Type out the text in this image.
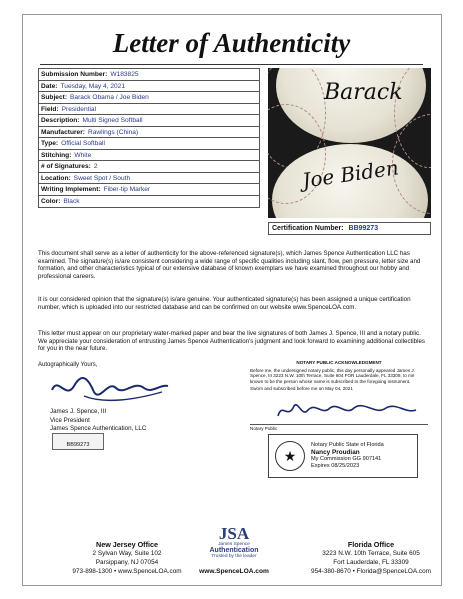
Letter of Authenticity
Submission Number: W183825
Date: Tuesday, May 4, 2021
Subject: Barack Obama / Joe Biden
Field: Presidential
Description: Multi Signed Softball
Manufacturer: Rawlings (China)
Type: Official Softball
Stitching: White
# of Signatures: 2
Location: Sweet Spot / South
Writing Implement: Fiber-tip Marker
Color: Black
Barack
Joe Biden
Certification Number: BB99273
This document shall serve as a letter of authenticity for the above-referenced signature(s), which James Spence Authentication LLC has examined. The signature(s) is/are consistent considering a wide range of specific qualities including slant, flow, pen pressure, letter size and formation, and other characteristics typical of our extensive database of known exemplars we have examined throughout our hobby and professional careers.
It is our considered opinion that the signature(s) is/are genuine. Your authenticated signature(s) has been assigned a unique certification number, which is uploaded into our restricted database and can be confirmed on our website www.SpenceLOA.com.
This letter must appear on our proprietary water-marked paper and bear the live signatures of both James J. Spence, III and a notary public. We appreciate your consideration of entrusting James Spence Authentication's judgment and look forward to examining additional collectibles for you in the near future.
Autographically Yours,
James J. Spence, III
Vice President
James Spence Authentication, LLC
BB99273
NOTARY PUBLIC ACKNOWLEDGMENT
Before me, the undersigned notary public, this day personally appeared James J. Spence, III 3223 N.W. 10th Terrace, Suite 604 FOR Lauderdale, FL 33309, to me known to be the person whose name is subscribed to the foregoing instrument.
Sworn and subscribed before me on May 04, 2021
Notary Public
★
Notary Public State of Florida
Nancy Proudian
My Commission GG 907141
Expires 08/25/2023
New Jersey Office
2 Sylvan Way, Suite 102
Parsippany, NJ 07054
973-898-1300 • www.SpenceLOA.com
JSA
James Spence
Authentication
Trusted by the leader
www.SpenceLOA.com
Florida Office
3223 N.W. 10th Terrace, Suite 605
Fort Lauderdale, FL 33309
954-380-8670 • Florida@SpenceLOA.com
